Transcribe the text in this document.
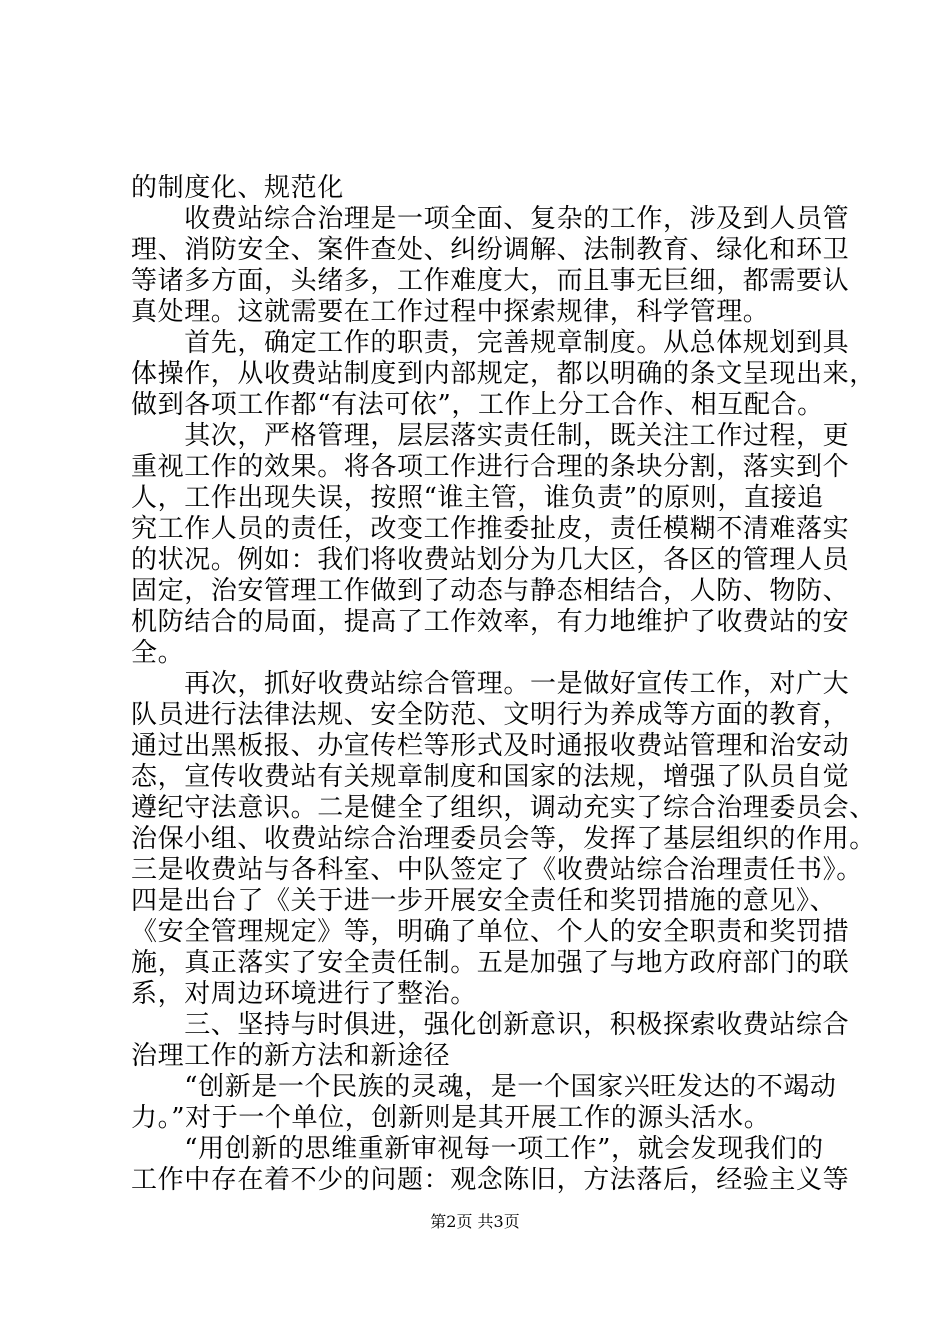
的制度化、规范化
　　收费站综合治理是一项全面、复杂的工作，涉及到人员管
理、消防安全、案件查处、纠纷调解、法制教育、绿化和环卫
等诸多方面，头绪多，工作难度大，而且事无巨细，都需要认
真处理。这就需要在工作过程中探索规律，科学管理。
　　首先，确定工作的职责，完善规章制度。从总体规划到具
体操作，从收费站制度到内部规定，都以明确的条文呈现出来，
做到各项工作都“有法可依”，工作上分工合作、相互配合。
　　其次，严格管理，层层落实责任制，既关注工作过程，更
重视工作的效果。将各项工作进行合理的条块分割，落实到个
人，工作出现失误，按照“谁主管，谁负责”的原则，直接追
究工作人员的责任，改变工作推委扯皮，责任模糊不清难落实
的状况。例如：我们将收费站划分为几大区，各区的管理人员
固定，治安管理工作做到了动态与静态相结合，人防、物防、
机防结合的局面，提高了工作效率，有力地维护了收费站的安
全。
　　再次，抓好收费站综合管理。一是做好宣传工作，对广大
队员进行法律法规、安全防范、文明行为养成等方面的教育，
通过出黑板报、办宣传栏等形式及时通报收费站管理和治安动
态，宣传收费站有关规章制度和国家的法规，增强了队员自觉
遵纪守法意识。二是健全了组织，调动充实了综合治理委员会、
治保小组、收费站综合治理委员会等，发挥了基层组织的作用。
三是收费站与各科室、中队签定了《收费站综合治理责任书》。
四是出台了《关于进一步开展安全责任和奖罚措施的意见》、
《安全管理规定》等，明确了单位、个人的安全职责和奖罚措
施，真正落实了安全责任制。五是加强了与地方政府部门的联
系，对周边环境进行了整治。
　　三、坚持与时俱进，强化创新意识，积极探索收费站综合
治理工作的新方法和新途径
　　“创新是一个民族的灵魂，是一个国家兴旺发达的不竭动
力。”对于一个单位，创新则是其开展工作的源头活水。
　　“用创新的思维重新审视每一项工作”，就会发现我们的
工作中存在着不少的问题：观念陈旧，方法落后，经验主义等
第2页 共3页
